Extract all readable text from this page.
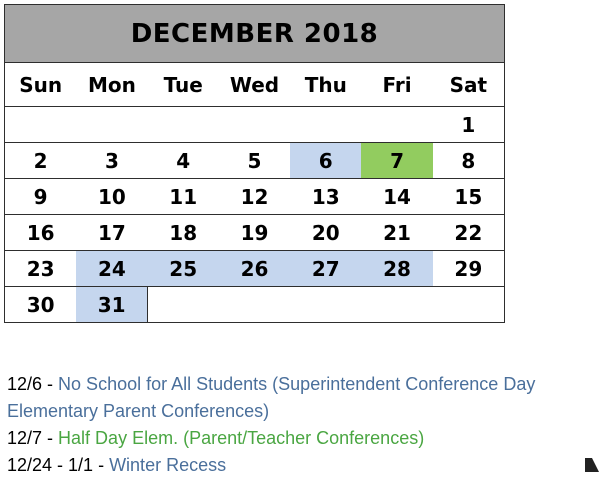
DECEMBER 2018
Sun	Mon	Tue	Wed	Thu	Fri	Sat
						1
2	3	4	5	6	7	8
9	10	11	12	13	14	15
16	17	18	19	20	21	22
23	24	25	26	27	28	29
30	31					
12/6 - No School for All Students (Superintendent Conference Day
Elementary Parent Conferences)
12/7 - Half Day Elem. (Parent/Teacher Conferences)
12/24 - 1/1 - Winter Recess
